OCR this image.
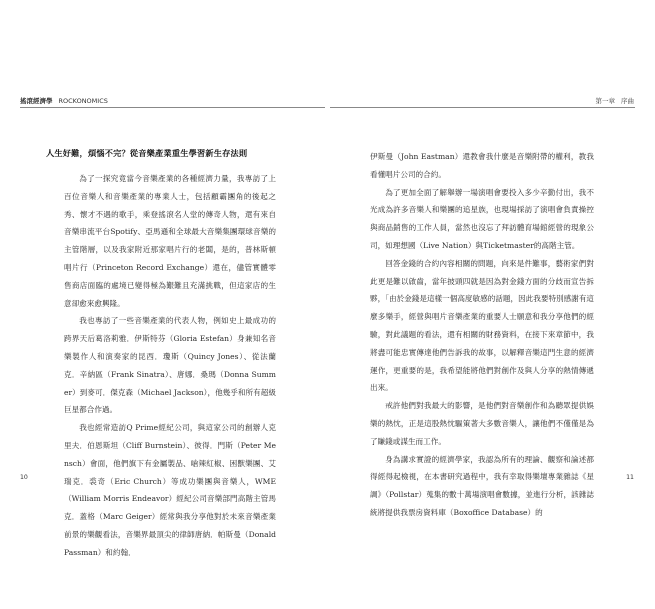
搖滾經濟學 ROCKONOMICS	第一章 序曲
人生好難，煩惱不完？從音樂產業重生學習新生存法則

為了一探究竟當今音樂產業的各種經濟力量，我專訪了上百位音樂人和音樂產業的專業人士，包括顧霸團角的後起之秀、懷才不遇的歌手，乘登搖滾名人堂的傳奇人物，還有來自音樂串流平台Spotify、亞馬遜和全球最大音樂集團環球音樂的主管階層，以及我家附近那家唱片行的老闆，是的，普林斯頓唱片行（Princeton Record Exchange）還在，儘管實體零售商店面臨的處境已變得極為艱難且充滿挑戰，但這家店的生意卻愈來愈興隆。

我也專訪了一些音樂產業的代表人物，例如史上最成功的跨界天后葛洛莉雅．伊斯特芬（Gloria Estefan）身兼知名音樂製作人和演奏家的昆西．瓊斯（Quincy Jones）、從法蘭克．辛納區（Frank Sinatra）、唐娜．桑瑪（Donna Summer）到麥可．傑克森（Michael Jackson），他幾乎和所有超級巨星都合作過。

我也經常造訪Q Prime經紀公司，與這家公司的創辦人克里夫．伯恩斯坦（Cliff Burnstein）、彼得．門斯（Peter Mensch）會面，他們旗下有金屬製品、嗆辣紅椒、困獸樂團、艾瑞克．裘奇（Eric Church）等成功樂團與音樂人，WME（William Morris Endeavor）經紀公司音樂部門高階主管馬克．蓋格（Marc Geiger）經常與我分享他對於未來音樂產業前景的樂觀看法，音樂界最頂尖的律師唐納．帕斯曼（Donald Passman）和約翰．

伊斯曼（John Eastman）還教會我什麼是音樂附帶的權利，教我看懂唱片公司的合約。

為了更加全面了解舉辦一場演唱會要投入多少辛勤付出，我不光成為許多音樂人和樂團的追星族，也現場採訪了演唱會負責操控與商品銷售的工作人員，當然也沒忘了拜訪體育場館經營的現象公司，如理想國（Live Nation）與Ticketmaster的高階主管。

回答金錢的合約內容相關的問題，向來是件難事，藝術家們對此更是難以啟齒，當年披頭四就是因為對金錢方面的分歧而宣告拆夥，「由於金錢是這樣一個高度敏感的話題，因此我要特別感謝有這麼多樂手，經營與唱片音樂產業的重要人士願意和我分享他們的經驗，對此議題的看法，還有相關的財務資料，在接下來章節中，我將盡可能忠實傳達他們告訴我的故事，以解釋音樂這門生意的經濟運作，更重要的是，我希望能將他們對創作及與人分享的熱情傳遞出來。

戒許他們對我最大的影響，是他們對音樂創作和為聽眾提供娛樂的熱忱，正是這股熱忱驅策著大多數音樂人，讓他們不僅僅是為了賺錢或謀生而工作。

身為講求實證的經濟學家，我認為所有的理論、觀察和論述都得經得起檢視，在本書研究過程中，我有幸取得樂壇專業雜誌《星調》（Pollstar）蒐集的數十萬場演唱會數據，並進行分析，該雜誌統將提供我票房資料庫（Boxoffice Database）的

10	11
